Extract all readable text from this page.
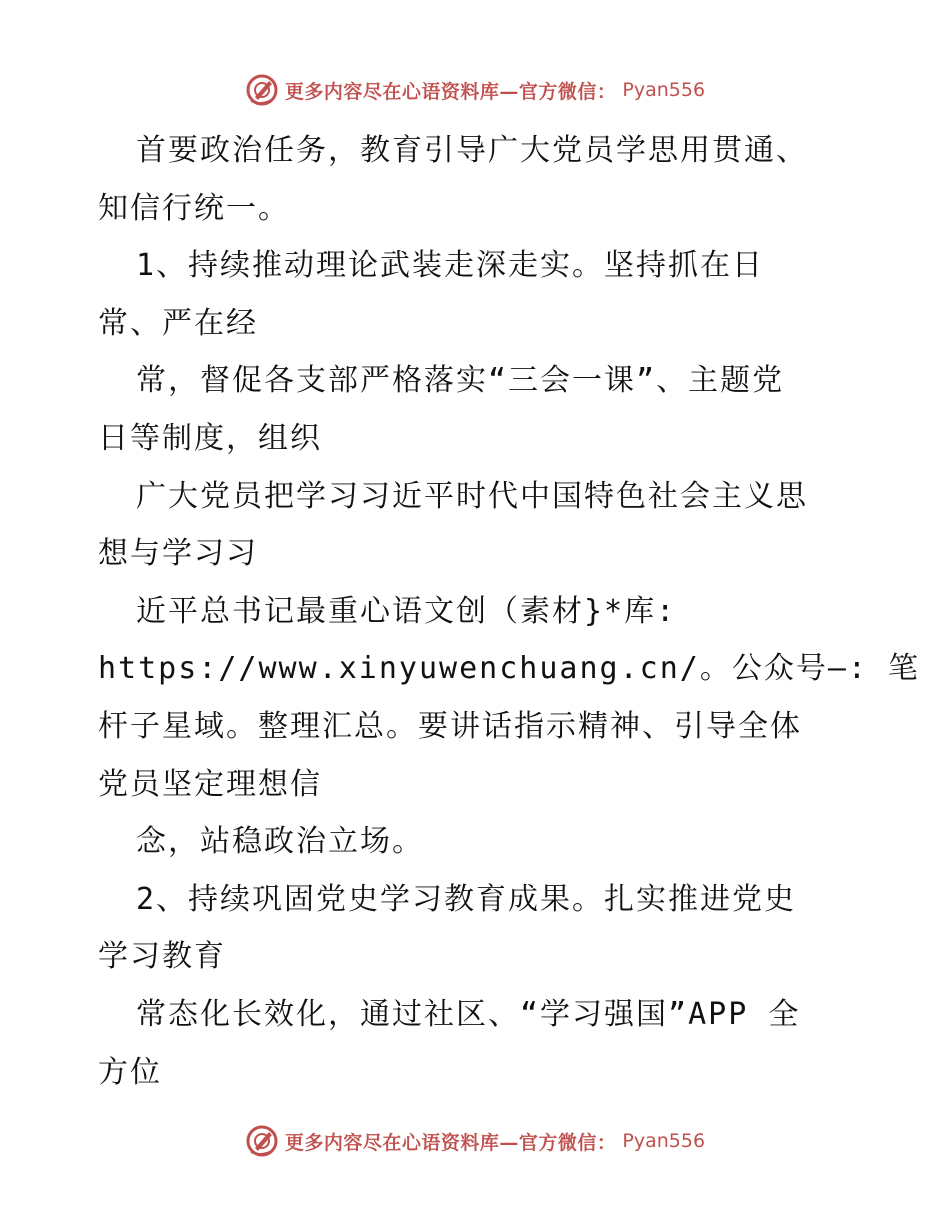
更多内容尽在心语资料库—官方微信： Pyan556
首要政治任务，教育引导广大党员学思用贯通、
知信行统一。
1、持续推动理论武装走深走实。坚持抓在日
常、严在经
常，督促各支部严格落实“三会一课”、主题党
日等制度，组织
广大党员把学习习近平时代中国特色社会主义思
想与学习习
近平总书记最重心语文创（素材}*库:
https://www.xinyuwenchuang.cn/。公众号—: 笔
杆子星域。整理汇总。要讲话指示精神、引导全体
党员坚定理想信
念，站稳政治立场。
2、持续巩固党史学习教育成果。扎实推进党史
学习教育
常态化长效化，通过社区、“学习强国”APP 全
方位
更多内容尽在心语资料库—官方微信： Pyan556
